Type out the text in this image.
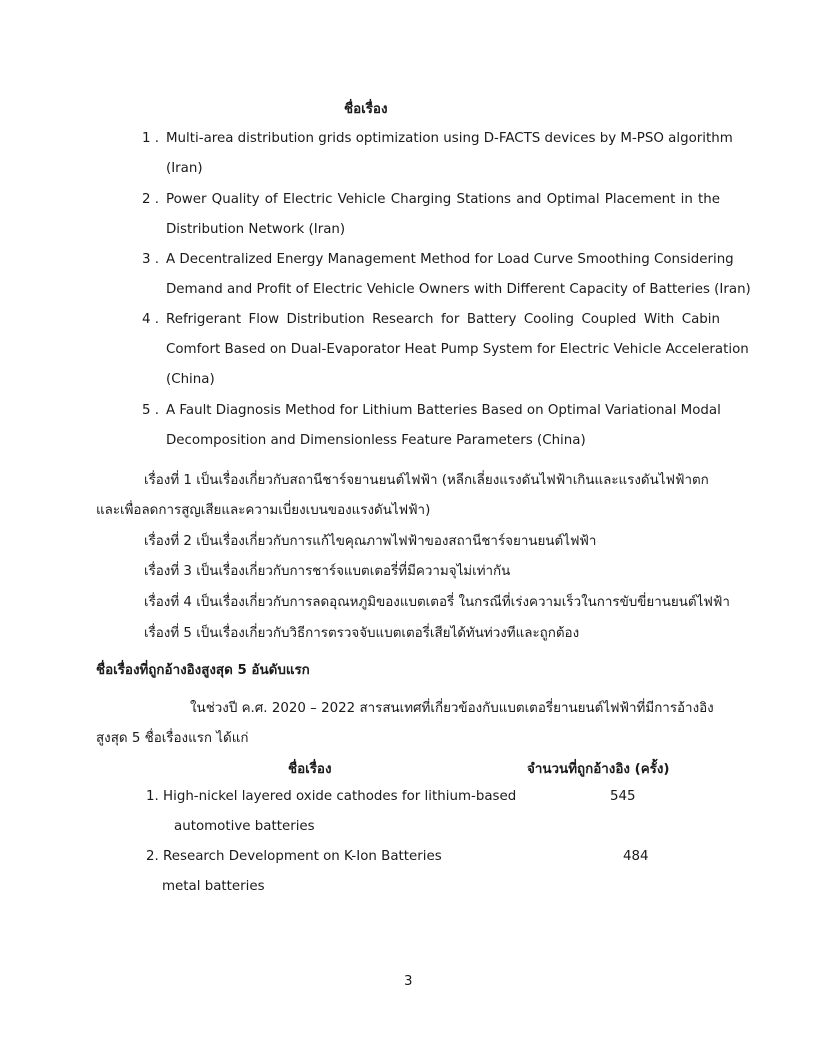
ชื่อเรื่อง
1 . Multi-area distribution grids optimization using D-FACTS devices by M-PSO algorithm
(Iran)
2 . Power Quality of Electric Vehicle Charging Stations and Optimal Placement in the
Distribution Network (Iran)
3 . A Decentralized Energy Management Method for Load Curve Smoothing Considering
Demand and Profit of Electric Vehicle Owners with Different Capacity of Batteries (Iran)
4 . Refrigerant Flow Distribution Research for Battery Cooling Coupled With Cabin
Comfort Based on Dual-Evaporator Heat Pump System for Electric Vehicle Acceleration
(China)
5 . A Fault Diagnosis Method for Lithium Batteries Based on Optimal Variational Modal
Decomposition and Dimensionless Feature Parameters (China)
เรื่องที่ 1 เป็นเรื่องเกี่ยวกับสถานีชาร์จยานยนต์ไฟฟ้า (หลีกเลี่ยงแรงดันไฟฟ้าเกินและแรงดันไฟฟ้าตก
และเพื่อลดการสูญเสียและความเบี่ยงเบนของแรงดันไฟฟ้า)
เรื่องที่ 2 เป็นเรื่องเกี่ยวกับการแก้ไขคุณภาพไฟฟ้าของสถานีชาร์จยานยนต์ไฟฟ้า
เรื่องที่ 3 เป็นเรื่องเกี่ยวกับการชาร์จแบตเตอรี่ที่มีความจุไม่เท่ากัน
เรื่องที่ 4 เป็นเรื่องเกี่ยวกับการลดอุณหภูมิของแบตเตอรี่ ในกรณีที่เร่งความเร็วในการขับขี่ยานยนต์ไฟฟ้า
เรื่องที่ 5 เป็นเรื่องเกี่ยวกับวิธีการตรวจจับแบตเตอรี่เสียได้ทันท่วงทีและถูกต้อง
ชื่อเรื่องที่ถูกอ้างอิงสูงสุด 5 อันดับแรก
ในช่วงปี ค.ศ. 2020 – 2022 สารสนเทศที่เกี่ยวข้องกับแบตเตอรี่ยานยนต์ไฟฟ้าที่มีการอ้างอิง
สูงสุด 5 ชื่อเรื่องแรก ได้แก่
ชื่อเรื่อง	จำนวนที่ถูกอ้างอิง (ครั้ง)
1. High-nickel layered oxide cathodes for lithium-based
automotive batteries
545
2. Research Development on K-Ion Batteries
metal batteries
484
3
